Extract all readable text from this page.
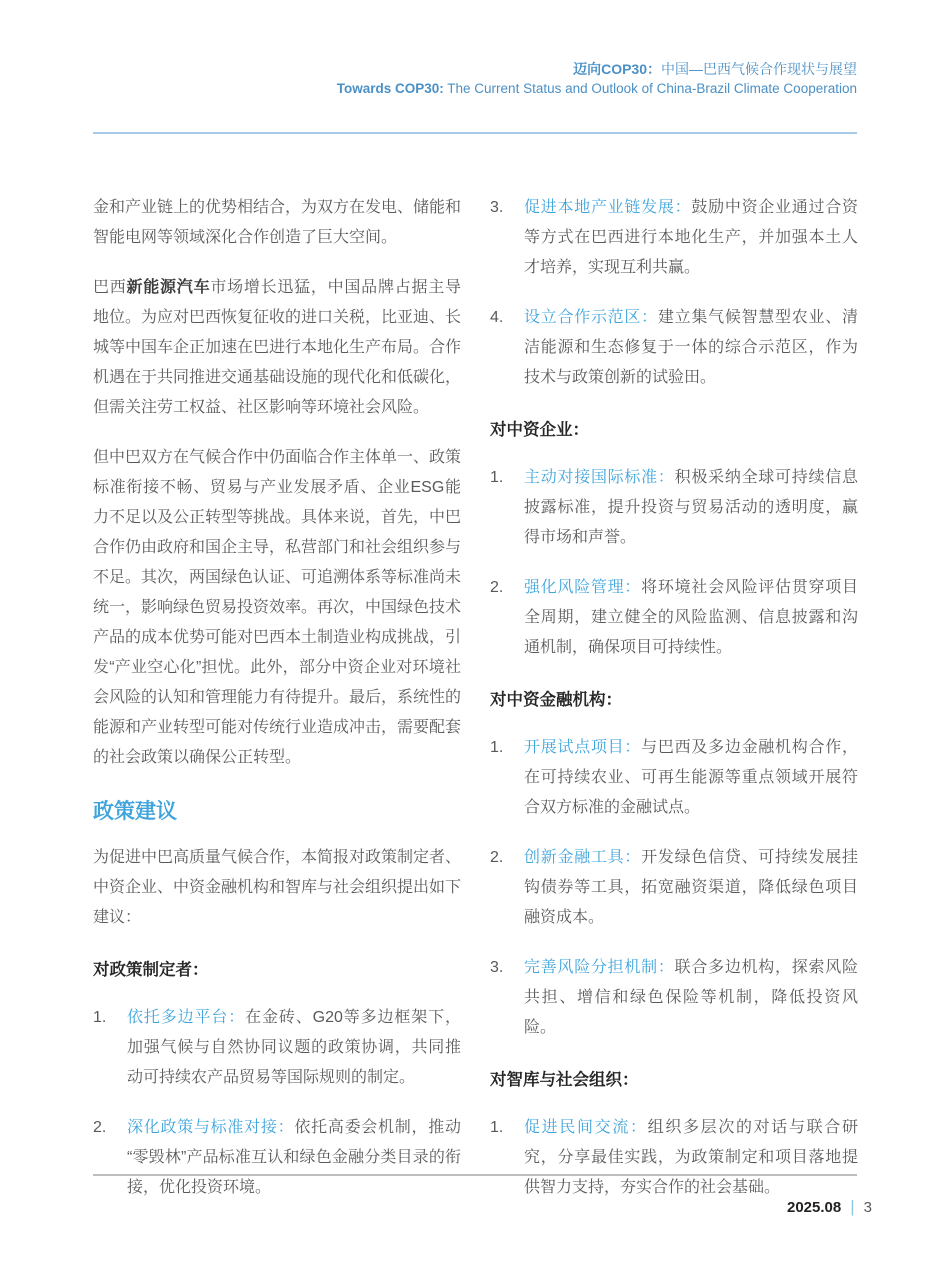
迈向COP30：中国—巴西气候合作现状与展望
Towards COP30: The Current Status and Outlook of China-Brazil Climate Cooperation

金和产业链上的优势相结合，为双方在发电、储能和智能电网等领域深化合作创造了巨大空间。

巴西新能源汽车市场增长迅猛，中国品牌占据主导地位。为应对巴西恢复征收的进口关税，比亚迪、长城等中国车企正加速在巴进行本地化生产布局。合作机遇在于共同推进交通基础设施的现代化和低碳化，但需关注劳工权益、社区影响等环境社会风险。

但中巴双方在气候合作中仍面临合作主体单一、政策标准衔接不畅、贸易与产业发展矛盾、企业ESG能力不足以及公正转型等挑战。具体来说，首先，中巴合作仍由政府和国企主导，私营部门和社会组织参与不足。其次，两国绿色认证、可追溯体系等标准尚未统一，影响绿色贸易投资效率。再次，中国绿色技术产品的成本优势可能对巴西本土制造业构成挑战，引发“产业空心化”担忧。此外，部分中资企业对环境社会风险的认知和管理能力有待提升。最后，系统性的能源和产业转型可能对传统行业造成冲击，需要配套的社会政策以确保公正转型。

政策建议

为促进中巴高质量气候合作，本简报对政策制定者、中资企业、中资金融机构和智库与社会组织提出如下建议：

对政策制定者：
1.	依托多边平台：在金砖、G20等多边框架下，加强气候与自然协同议题的政策协调，共同推动可持续农产品贸易等国际规则的制定。

2.	深化政策与标准对接：依托高委会机制，推动“零毁林”产品标准互认和绿色金融分类目录的衔接，优化投资环境。

3.	促进本地产业链发展：鼓励中资企业通过合资等方式在巴西进行本地化生产，并加强本土人才培养，实现互利共赢。

4.	设立合作示范区：建立集气候智慧型农业、清洁能源和生态修复于一体的综合示范区，作为技术与政策创新的试验田。

对中资企业：
1.	主动对接国际标准：积极采纳全球可持续信息披露标准，提升投资与贸易活动的透明度，赢得市场和声誉。

2.	强化风险管理：将环境社会风险评估贯穿项目全周期，建立健全的风险监测、信息披露和沟通机制，确保项目可持续性。

对中资金融机构：
1.	开展试点项目：与巴西及多边金融机构合作，在可持续农业、可再生能源等重点领域开展符合双方标准的金融试点。

2.	创新金融工具：开发绿色信贷、可持续发展挂钩债券等工具，拓宽融资渠道，降低绿色项目融资成本。

3.	完善风险分担机制：联合多边机构，探索风险共担、增信和绿色保险等机制，降低投资风险。

对智库与社会组织：
1.	促进民间交流：组织多层次的对话与联合研究，分享最佳实践，为政策制定和项目落地提供智力支持，夯实合作的社会基础。

2025.08 | 3
